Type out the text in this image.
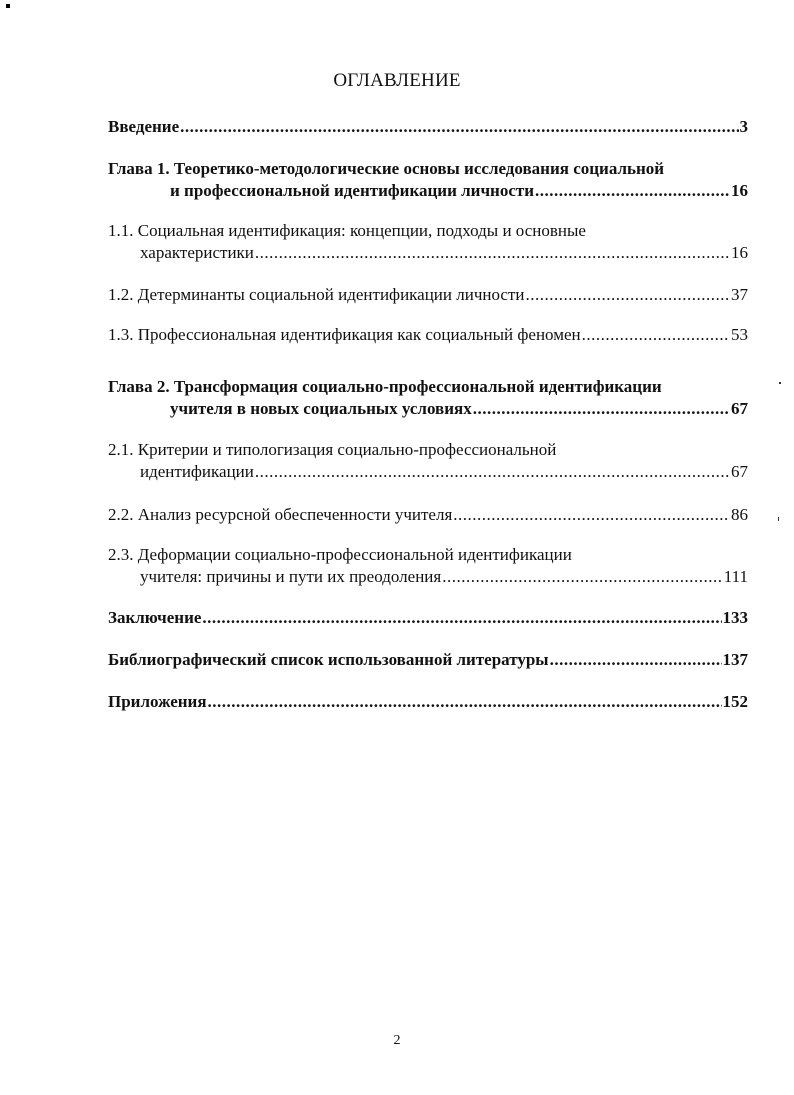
ОГЛАВЛЕНИЕ
Введение .....	3
Глава 1. Теоретико-методологические основы исследования социальной
и профессиональной идентификации личности .....	16
1.1. Социальная идентификация: концепции, подходы и основные
характеристики .....	16
1.2. Детерминанты социальной идентификации личности .....	37
1.3. Профессиональная идентификация как социальный феномен .....	53
Глава 2. Трансформация социально-профессиональной идентификации
учителя в новых социальных условиях .....	67
2.1. Критерии и типологизация социально-профессиональной
идентификации .....	67
2.2. Анализ ресурсной обеспеченности учителя .....	86
2.3. Деформации социально-профессиональной идентификации
учителя: причины и пути их преодоления .....	111
Заключение .....	133
Библиографический список использованной литературы .....	137
Приложения .....	152
2
